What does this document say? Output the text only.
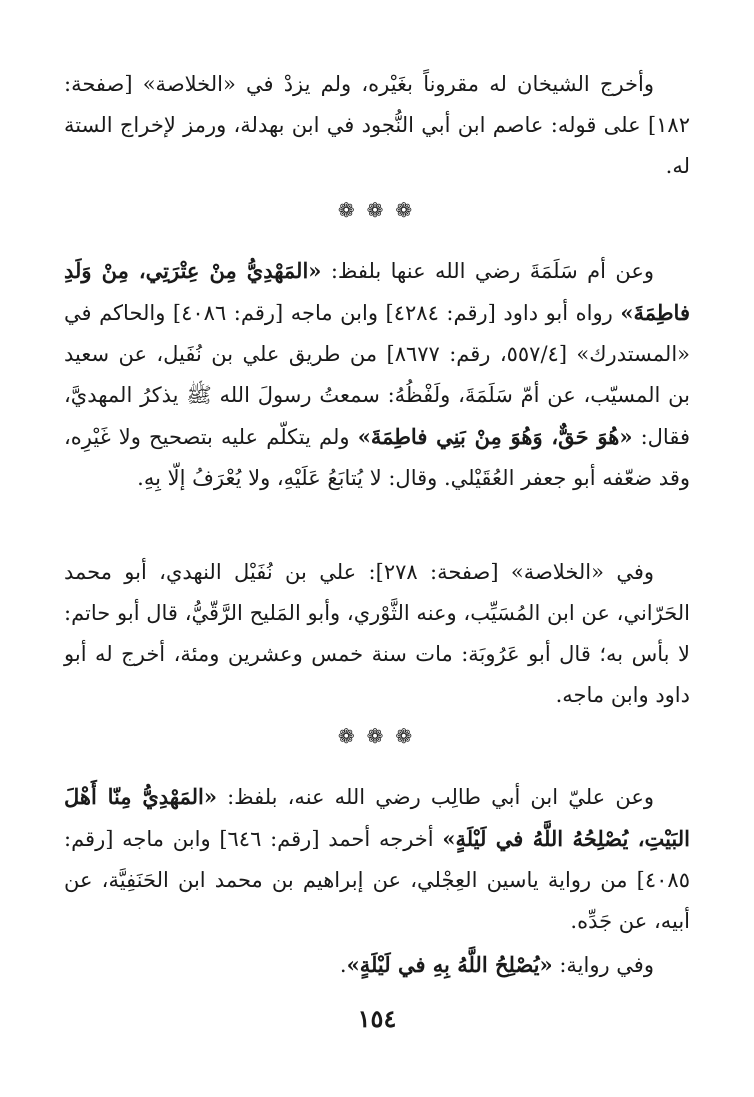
وأخرج الشيخان له مقروناً بغَيْره، ولم يزدْ في «الخلاصة» [صفحة: ١٨٢] على قوله: عاصم ابن أبي النُّجود في ابن بهدلة، ورمز لإخراج الستة له.

❁❁❁

وعن أم سَلَمَةَ رضي الله عنها بلفظ: «المَهْدِيُّ مِنْ عِتْرَتِي، مِنْ وَلَدِ فاطِمَةَ» رواه أبو داود [رقم: ٤٢٨٤] وابن ماجه [رقم: ٤٠٨٦] والحاكم في «المستدرك» [٥٥٧/٤، رقم: ٨٦٧٧] من طريق علي بن نُفَيل، عن سعيد بن المسيّب، عن أمّ سَلَمَةَ، ولَفْظُهُ: سمعتُ رسولَ الله ﷺ يذكرُ المهديَّ، فقال: «هُوَ حَقٌّ، وَهُوَ مِنْ بَنِي فاطِمَةَ» ولم يتكلّم عليه بتصحيح ولا غَيْرِه، وقد ضعّفه أبو جعفر العُقَيْلي. وقال: لا يُتابَعُ عَلَيْهِ، ولا يُعْرَفُ إلّا بِهِ.

وفي «الخلاصة» [صفحة: ٢٧٨]: علي بن نُفَيْل النهدي، أبو محمد الحَرّاني، عن ابن المُسَيِّب، وعنه الثَّوْري، وأبو المَليح الرَّقّيُّ، قال أبو حاتم: لا بأس به؛ قال أبو عَرُوبَة: مات سنة خمس وعشرين ومئة، أخرج له أبو داود وابن ماجه.

❁❁❁

وعن عليّ ابن أبي طالِب رضي الله عنه، بلفظ: «المَهْدِيُّ مِنّا أَهْلَ البَيْتِ، يُصْلِحُهُ اللَّهُ في لَيْلَةٍ» أخرجه أحمد [رقم: ٦٤٦] وابن ماجه [رقم: ٤٠٨٥] من رواية ياسين العِجْلي، عن إبراهيم بن محمد ابن الحَنَفِيَّة، عن أبيه، عن جَدِّه.

وفي رواية: «يُصْلِحُ اللَّهُ بِهِ في لَيْلَةٍ».

١٥٤
